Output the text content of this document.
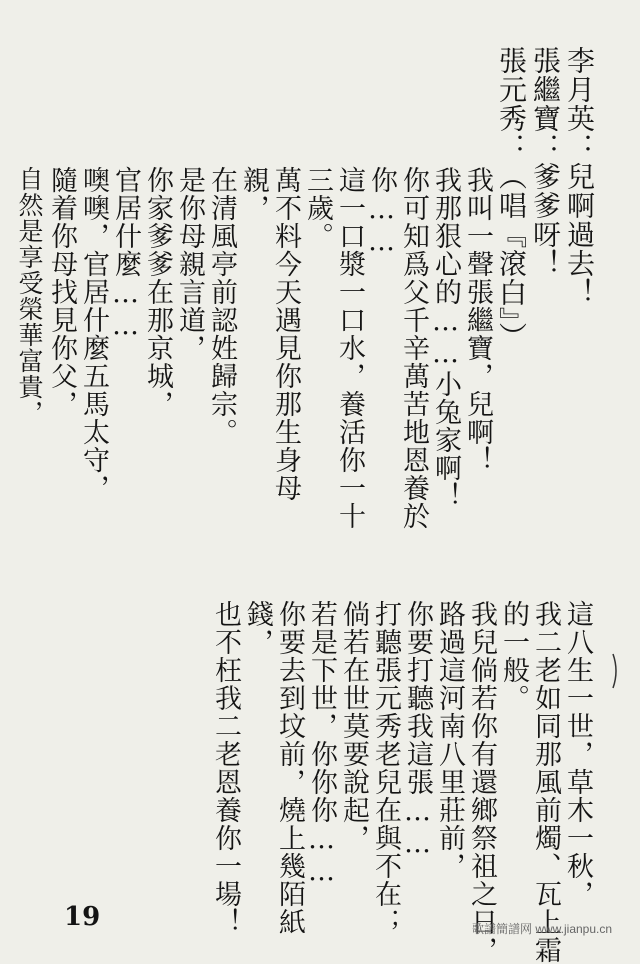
李月英：兒啊過去！
張繼寶：爹爹呀！
張元秀：（唱『滾白』）
我叫一聲張繼寶，兒啊！
我那狠心的……小兔家啊！
你可知爲父千辛萬苦地恩養於
你……
這一口漿一口水，養活你一十
三歲。
萬不料今天遇見你那生身母
親，
在清風亭前認姓歸宗。
是你母親言道，
你家爹爹在那京城，
官居什麼……
噢噢，官居什麼五馬太守，
隨着你母找見你父，
自然是享受榮華富貴，
這八生一世，草木一秋，
我二老如同那風前燭、瓦上霜
的一般。
我兒倘若你有還鄉祭祖之日，
路過這河南八里莊前，
你要打聽我這張……
打聽張元秀老兒在與不在；
倘若在世莫要說起，
若是下世，你你你……
你要去到坟前，燒上幾陌紙
錢，
也不枉我二老恩養你一場！
19	歌譜簡譜网 www.jianpu.cn
